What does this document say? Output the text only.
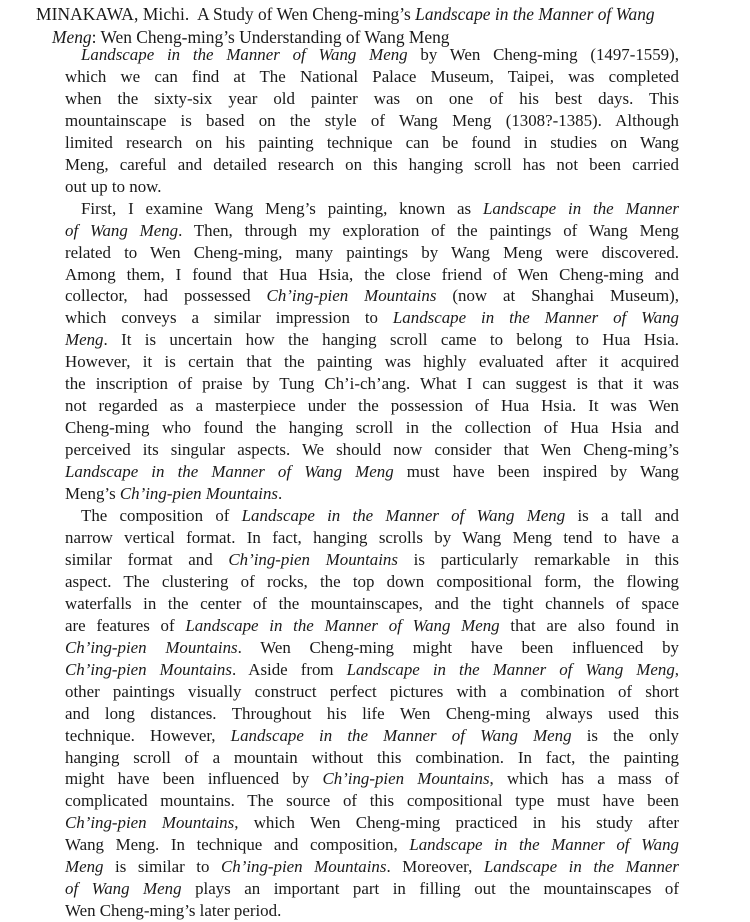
MINAKAWA, Michi. A Study of Wen Cheng-ming’s Landscape in the Manner of Wang
Meng: Wen Cheng-ming’s Understanding of Wang Meng
Landscape in the Manner of Wang Meng by Wen Cheng-ming (1497-1559),
which we can find at The National Palace Museum, Taipei, was completed
when the sixty-six year old painter was on one of his best days. This
mountainscape is based on the style of Wang Meng (1308?-1385). Although
limited research on his painting technique can be found in studies on Wang
Meng, careful and detailed research on this hanging scroll has not been carried
out up to now.
First, I examine Wang Meng’s painting, known as Landscape in the Manner
of Wang Meng. Then, through my exploration of the paintings of Wang Meng
related to Wen Cheng-ming, many paintings by Wang Meng were discovered.
Among them, I found that Hua Hsia, the close friend of Wen Cheng-ming and
collector, had possessed Ch’ing-pien Mountains (now at Shanghai Museum),
which conveys a similar impression to Landscape in the Manner of Wang
Meng. It is uncertain how the hanging scroll came to belong to Hua Hsia.
However, it is certain that the painting was highly evaluated after it acquired
the inscription of praise by Tung Ch’i-ch’ang. What I can suggest is that it was
not regarded as a masterpiece under the possession of Hua Hsia. It was Wen
Cheng-ming who found the hanging scroll in the collection of Hua Hsia and
perceived its singular aspects. We should now consider that Wen Cheng-ming’s
Landscape in the Manner of Wang Meng must have been inspired by Wang
Meng’s Ch’ing-pien Mountains.
The composition of Landscape in the Manner of Wang Meng is a tall and
narrow vertical format. In fact, hanging scrolls by Wang Meng tend to have a
similar format and Ch’ing-pien Mountains is particularly remarkable in this
aspect. The clustering of rocks, the top down compositional form, the flowing
waterfalls in the center of the mountainscapes, and the tight channels of space
are features of Landscape in the Manner of Wang Meng that are also found in
Ch’ing-pien Mountains. Wen Cheng-ming might have been influenced by
Ch’ing-pien Mountains. Aside from Landscape in the Manner of Wang Meng,
other paintings visually construct perfect pictures with a combination of short
and long distances. Throughout his life Wen Cheng-ming always used this
technique. However, Landscape in the Manner of Wang Meng is the only
hanging scroll of a mountain without this combination. In fact, the painting
might have been influenced by Ch’ing-pien Mountains, which has a mass of
complicated mountains. The source of this compositional type must have been
Ch’ing-pien Mountains, which Wen Cheng-ming practiced in his study after
Wang Meng. In technique and composition, Landscape in the Manner of Wang
Meng is similar to Ch’ing-pien Mountains. Moreover, Landscape in the Manner
of Wang Meng plays an important part in filling out the mountainscapes of
Wen Cheng-ming’s later period.
